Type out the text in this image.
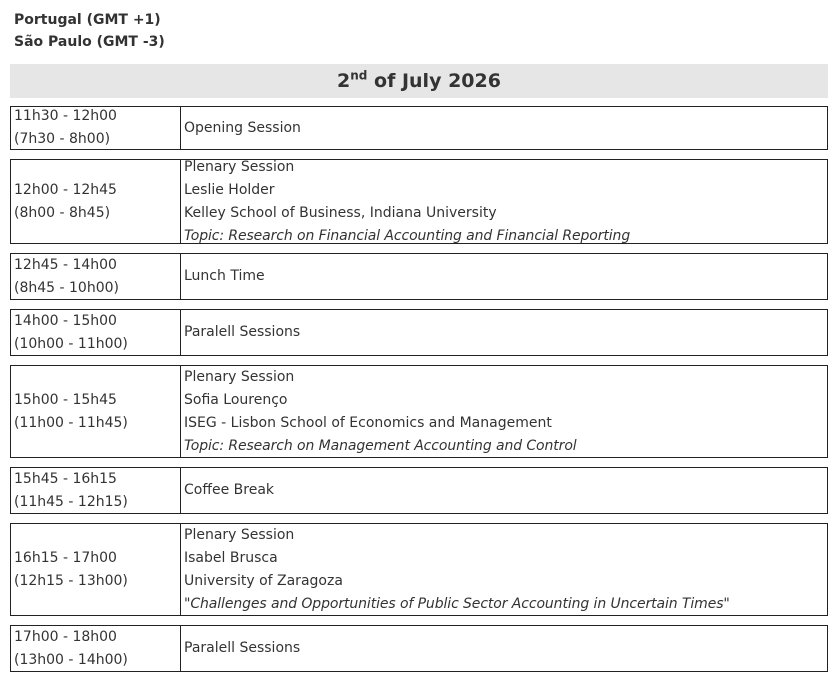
Portugal (GMT +1)
São Paulo (GMT -3)
2nd of July 2026
11h30 - 12h00
(7h30 - 8h00)
Opening Session
12h00 - 12h45
(8h00 - 8h45)
Plenary Session
Leslie Holder
Kelley School of Business, Indiana University
Topic: Research on Financial Accounting and Financial Reporting
12h45 - 14h00
(8h45 - 10h00)
Lunch Time
14h00 - 15h00
(10h00 - 11h00)
Paralell Sessions
15h00 - 15h45
(11h00 - 11h45)
Plenary Session
Sofia Lourenço
ISEG - Lisbon School of Economics and Management
Topic: Research on Management Accounting and Control
15h45 - 16h15
(11h45 - 12h15)
Coffee Break
16h15 - 17h00
(12h15 - 13h00)
Plenary Session
Isabel Brusca
University of Zaragoza
"Challenges and Opportunities of Public Sector Accounting in Uncertain Times"
17h00 - 18h00
(13h00 - 14h00)
Paralell Sessions
